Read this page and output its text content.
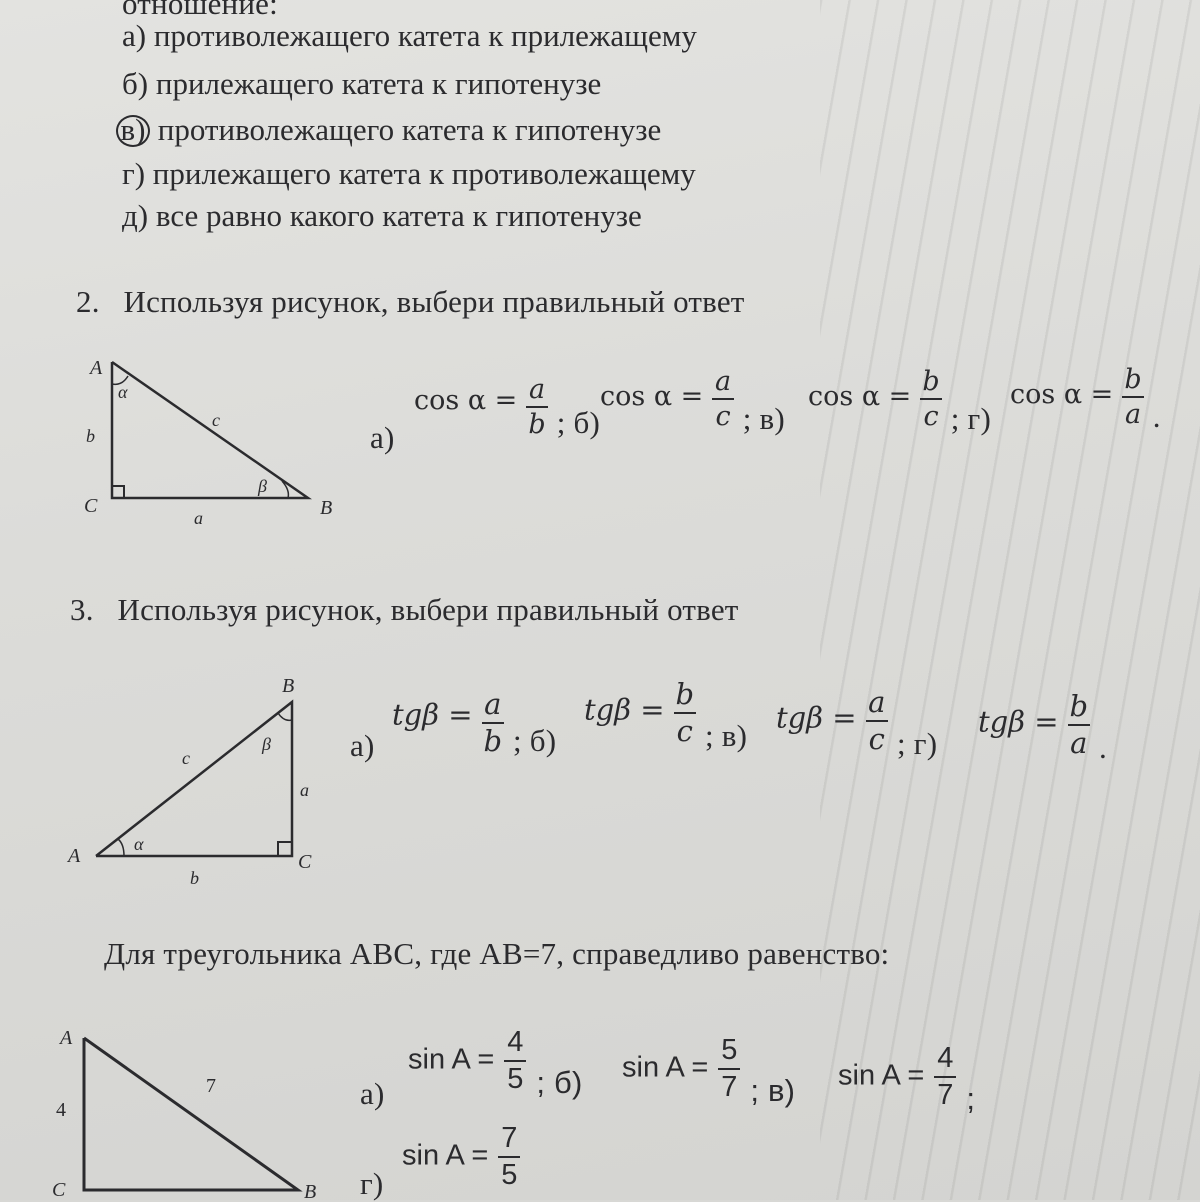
отношение:
а) противолежащего катета к прилежащему
б) прилежащего катета к гипотенузе
в) противолежащего катета к гипотенузе
г) прилежащего катета к противолежащему
д) все равно какого катета к гипотенузе
2. Используя рисунок, выбери правильный ответ
A
C	B
α
β
c
b
a
а)
$\cos \alpha = \frac{a}{b}$ ; б)
$\cos \alpha = \frac{a}{c}$ ; в)
$\cos \alpha = \frac{b}{c}$ ; г)
$\cos \alpha = \frac{b}{a}$ .
3. Используя рисунок, выбери правильный ответ
B
A	C
α
β
c
a
b
а)
$tg\beta = \frac{a}{b}$ ; б)
$tg\beta = \frac{b}{c}$ ; в) $tg\beta = \frac{a}{c}$ ; г)
$tg\beta = \frac{b}{a}$ .
Для треугольника ABC, где AB=7, справедливо равенство:
A
C	B
4
7	а)
$\sin A = \frac{4}{5}$ ; б) $\sin A = \frac{5}{7}$ ; в) $\sin A = \frac{4}{7}$ ;
г)
$\sin A = \frac{7}{5}$
